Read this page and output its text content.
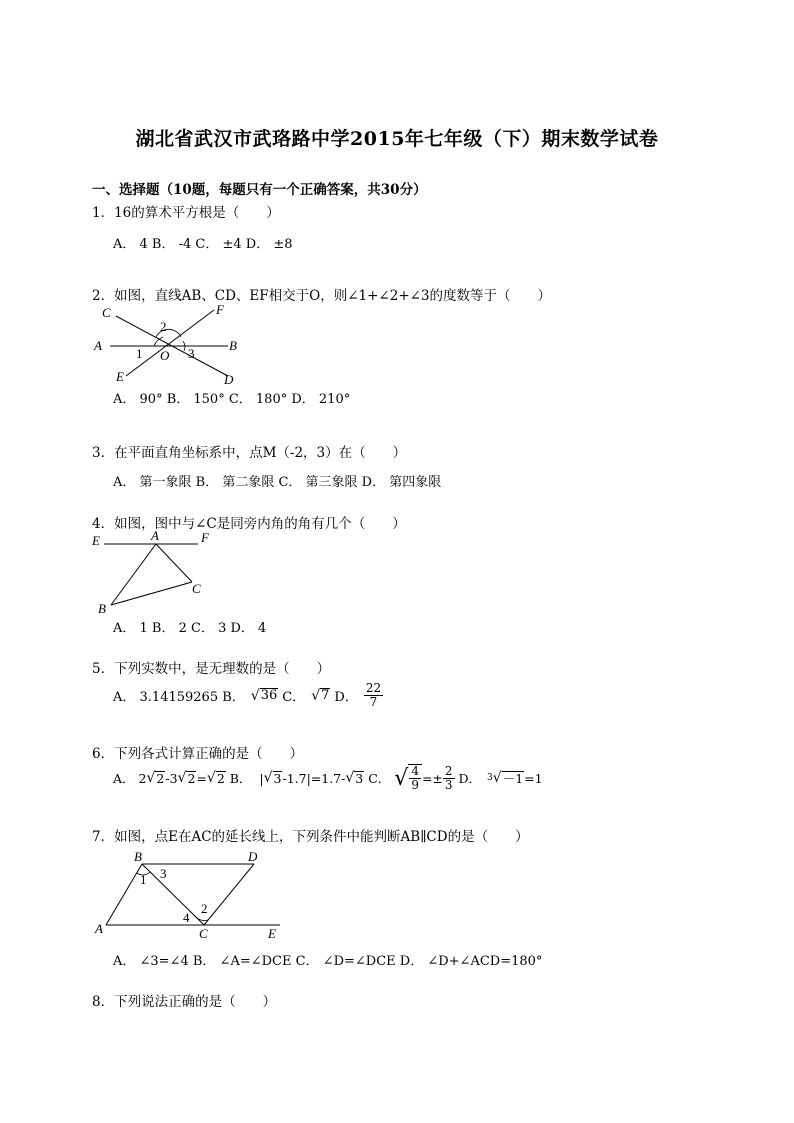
湖北省武汉市武珞路中学2015年七年级（下）期末数学试卷
一、选择题（10题，每题只有一个正确答案，共30分）
1．16的算术平方根是（　　）
A． 4 B． -4 C． ±4 D． ±8
2．如图，直线AB、CD、EF相交于O，则∠1+∠2+∠3的度数等于（　　）
C	F
A	B
E	D
O
1
2
3
A． 90° B． 150° C． 180° D． 210°
3．在平面直角坐标系中，点M（-2，3）在（　　）
A． 第一象限 B． 第二象限 C． 第三象限 D． 第四象限
4．如图，图中与∠C是同旁内角的角有几个（　　）
E	A	F
B
C
A． 1 B． 2 C． 3 D． 4
5．下列实数中，是无理数的是（　　）
A． 3.14159265 B． √ 36 C． √ 7 D． $\frac{22}{7}$
6．下列各式计算正确的是（　　）
A． 2 √ 2 -3 √ 2 = √ 2 B．  | √ 3 -1.7|=1.7- √ 3 C． √ $\frac{4}{9} =\pm \frac{2}{3}$ D． 3 √ －1 =1
7．如图，点E在AC的延长线上，下列条件中能判断AB∥CD的是（　　）
B	D
A	C	E
1 3
4
2
A． ∠3=∠4 B． ∠A=∠DCE C． ∠D=∠DCE D． ∠D+∠ACD=180°
8．下列说法正确的是（　　）
